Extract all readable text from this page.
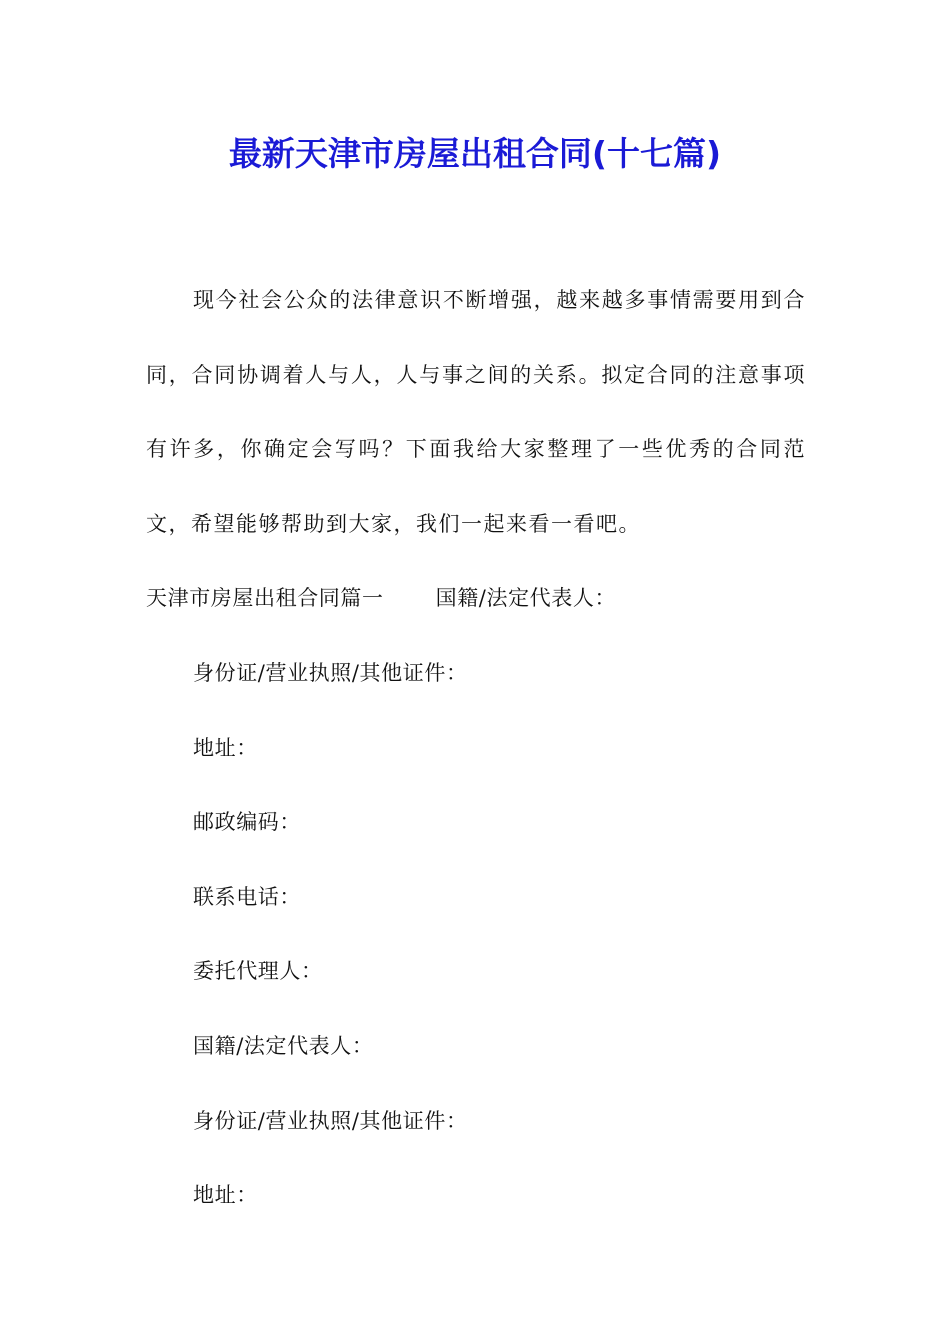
最新天津市房屋出租合同(十七篇)

现今社会公众的法律意识不断增强，越来越多事情需要用到合同，合同协调着人与人，人与事之间的关系。拟定合同的注意事项有许多，你确定会写吗？下面我给大家整理了一些优秀的合同范文，希望能够帮助到大家，我们一起来看一看吧。

天津市房屋出租合同篇一 国籍/法定代表人：

身份证/营业执照/其他证件：

地址：

邮政编码：

联系电话：

委托代理人：

国籍/法定代表人：

身份证/营业执照/其他证件：

地址：
